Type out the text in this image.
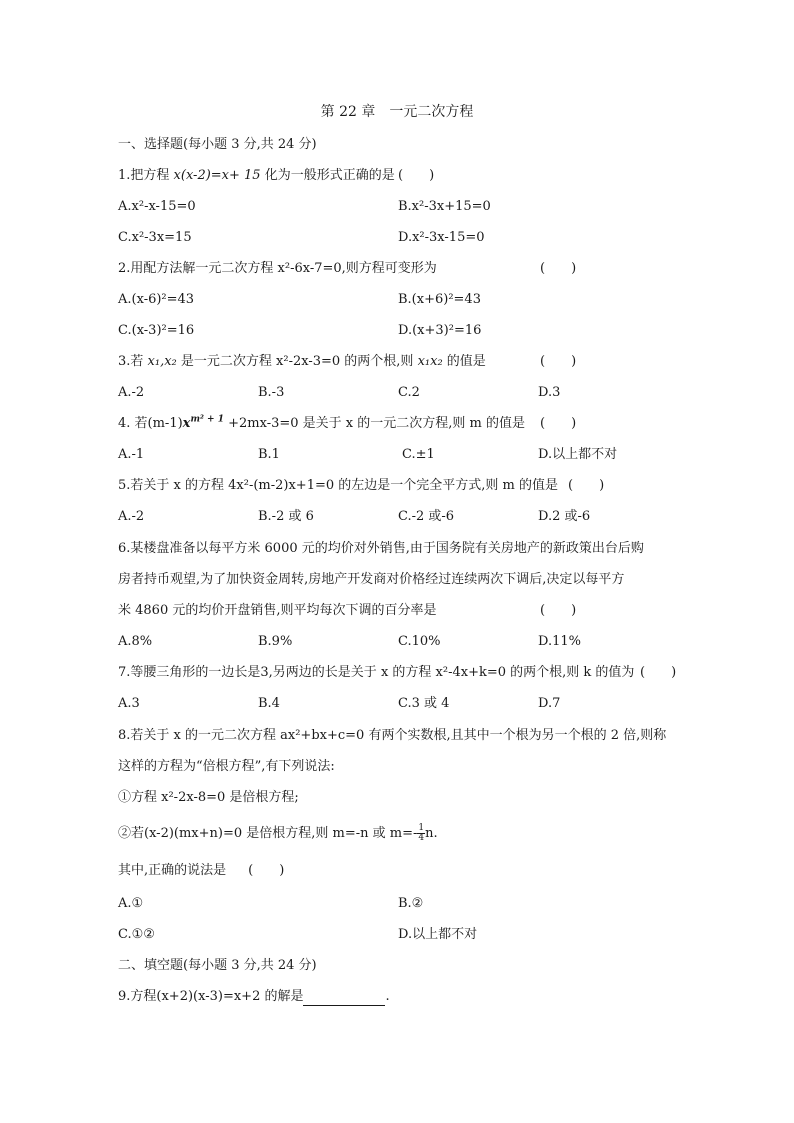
第 22 章　一元二次方程
一、选择题(每小题 3 分,共 24 分)
1.把方程 x(x-2)=x+ 15 化为一般形式正确的是 (　　)
A.x²-x-15=0	B.x²-3x+15=0
C.x²-3x=15	D.x²-3x-15=0
2.用配方法解一元二次方程 x²-6x-7=0,则方程可变形为	(　　)
A.(x-6)²=43	B.(x+6)²=43
C.(x-3)²=16	D.(x+3)²=16
3.若 x₁,x₂ 是一元二次方程 x²-2x-3=0 的两个根,则 x₁x₂ 的值是	(　　)
A.-2	B.-3	C.2	D.3
4. 若$(m-1)x^{m^2 + 1} +2mx-3=0$ 是关于 x 的一元二次方程,则 m 的值是 (　　)
A.-1	B.1	C.±1	D.以上都不对
5.若关于 x 的方程 4x²-(m-2)x+1=0 的左边是一个完全平方式,则 m 的值是 (　　)
A.-2	B.-2 或 6	C.-2 或-6	D.2 或-6
6.某楼盘准备以每平方米 6000 元的均价对外销售,由于国务院有关房地产的新政策出台后购
房者持币观望,为了加快资金周转,房地产开发商对价格经过连续两次下调后,决定以每平方
米 4860 元的均价开盘销售,则平均每次下调的百分率是	(　　)
A.8%	B.9%	C.10%	D.11%
7.等腰三角形的一边长是3,另两边的长是关于 x 的方程 x²-4x+k=0 的两个根,则 k 的值为 (　　)
A.3	B.4	C.3 或 4	D.7
8.若关于 x 的一元二次方程 ax²+bx+c=0 有两个实数根,且其中一个根为另一个根的 2 倍,则称
这样的方程为“倍根方程”,有下列说法:
①方程 x²-2x-8=0 是倍根方程;
②若(x-2)(mx+n)=0 是倍根方程,则 m=-n 或 $m=- \frac{1}{4} n$.
其中,正确的说法是 (　　)
A.①	B.②
C.①②	D.以上都不对
二、填空题(每小题 3 分,共 24 分)
9.方程(x+2)(x-3)=x+2 的解是	.
